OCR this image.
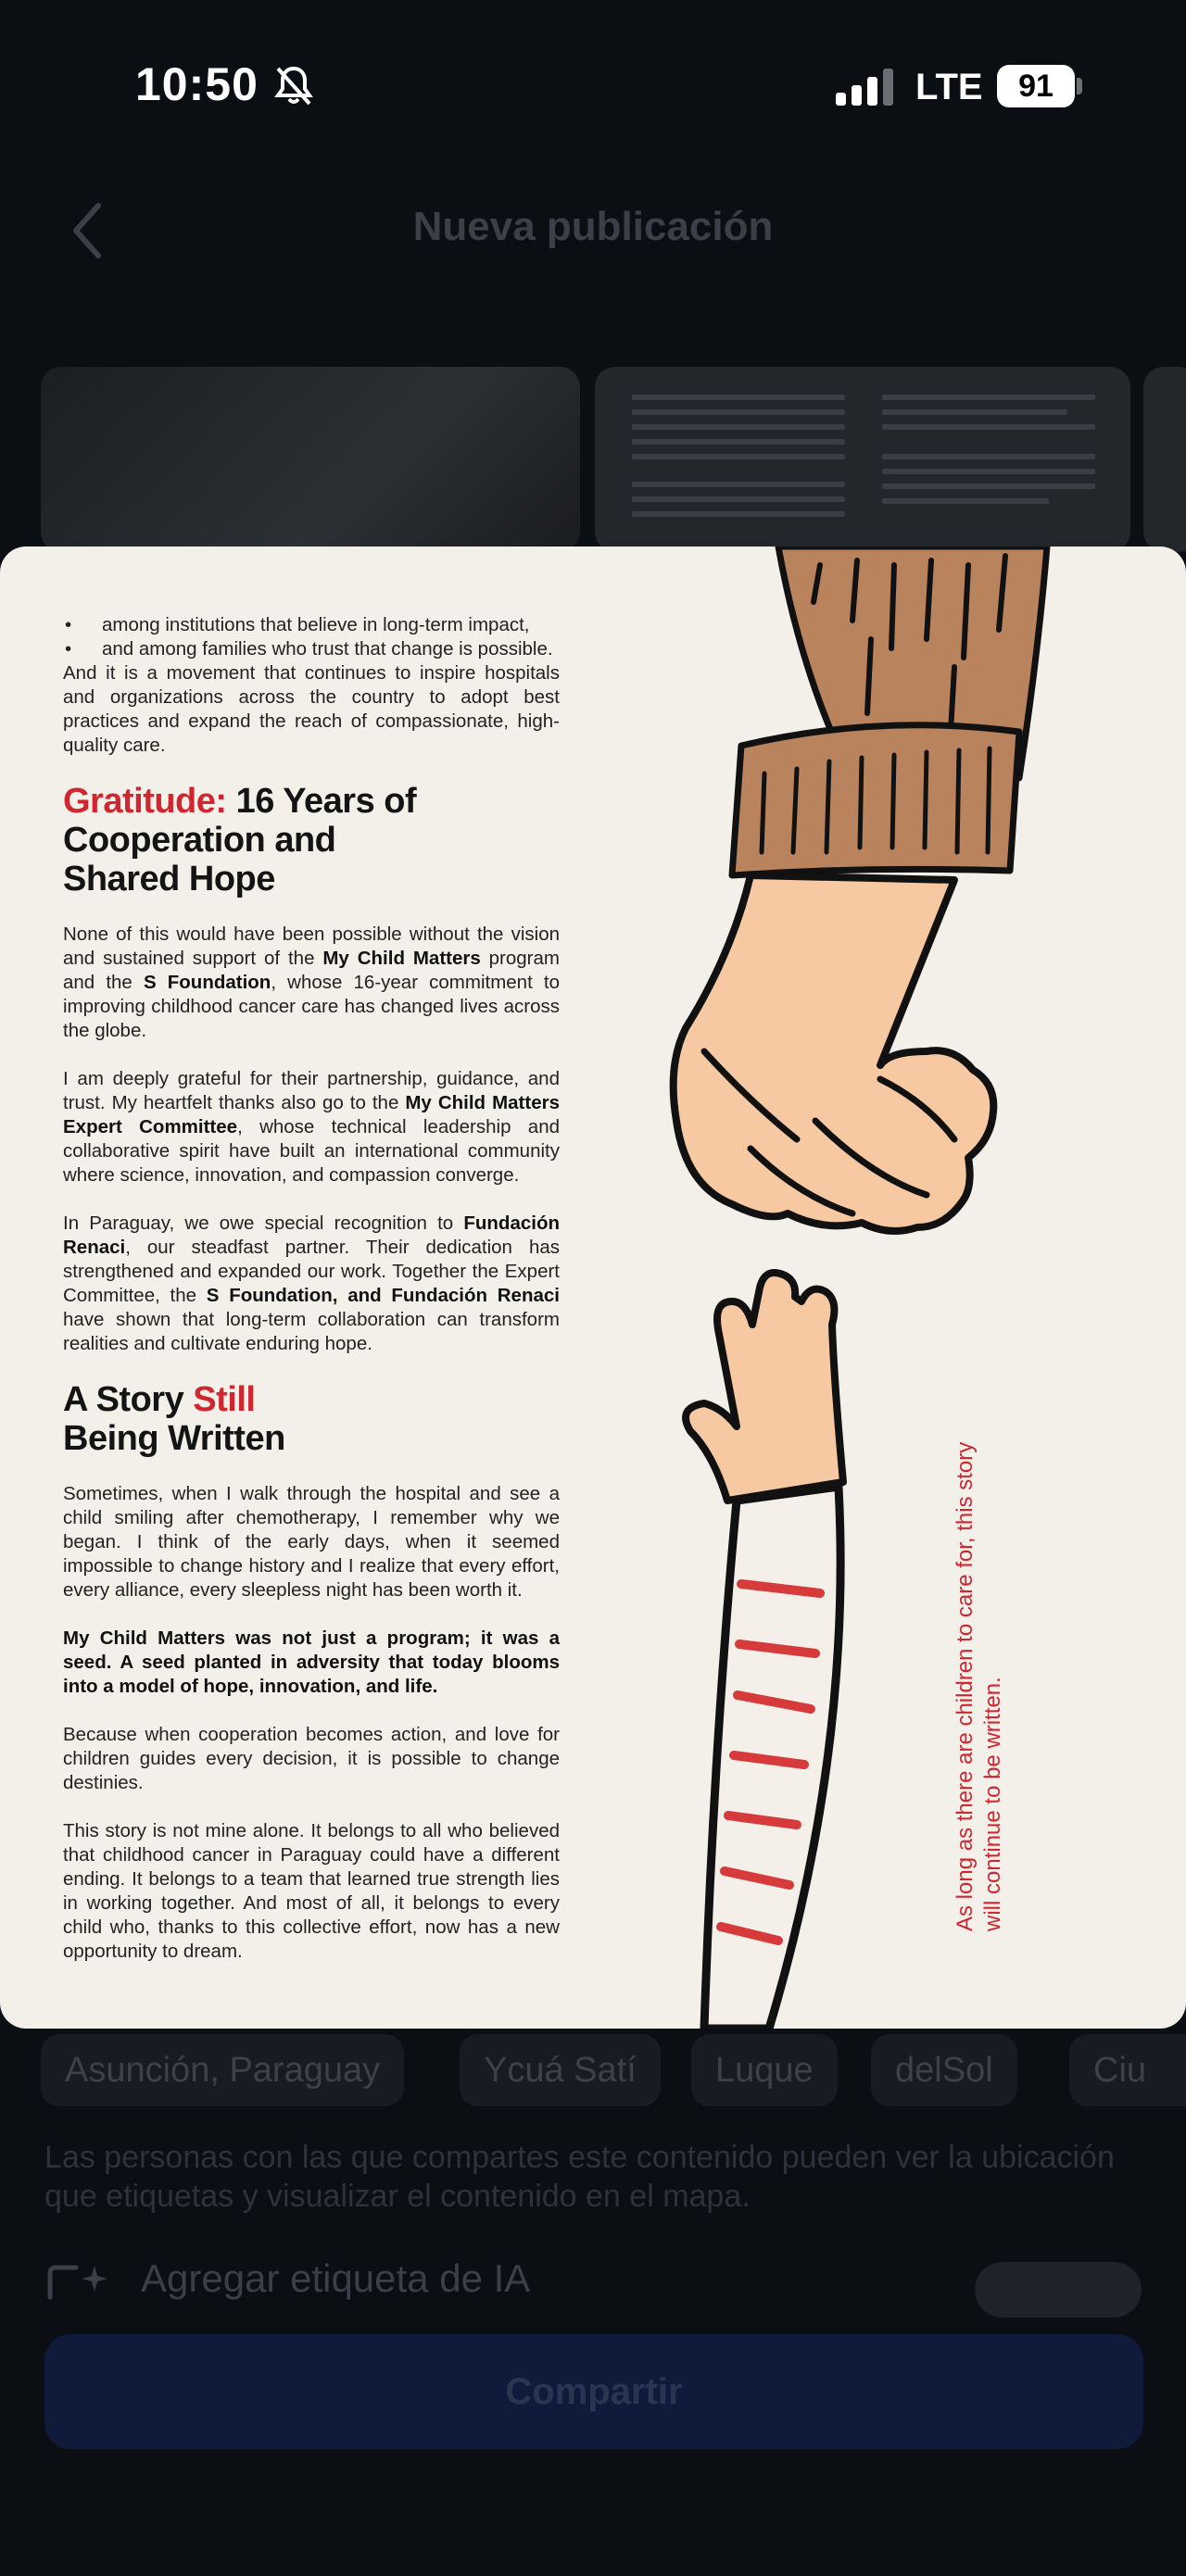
10:50	LTE	91
Nueva publicación
•	among institutions that believe in long-term impact,
•	and among families who trust that change is possible.

And it is a movement that continues to inspire hospitals and organizations across the country to adopt best practices and expand the reach of compassionate, high-quality care.

Gratitude: 16 Years of
Cooperation and
Shared Hope

None of this would have been possible without the vision and sustained support of the My Child Matters program and the S Foundation, whose 16-year commitment to improving childhood cancer care has changed lives across the globe.

I am deeply grateful for their partnership, guidance, and trust. My heartfelt thanks also go to the My Child Matters Expert Committee, whose technical leadership and collaborative spirit have built an international community where science, innovation, and compassion converge.

In Paraguay, we owe special recognition to Fundación Renaci, our steadfast partner. Their dedication has strengthened and expanded our work. Together the Expert Committee, the S Foundation, and Fundación Renaci have shown that long-term collaboration can transform realities and cultivate enduring hope.

A Story Still
Being Written

Sometimes, when I walk through the hospital and see a child smiling after chemotherapy, I remember why we began. I think of the early days, when it seemed impossible to change history and I realize that every effort, every alliance, every sleepless night has been worth it.

My Child Matters was not just a program; it was a seed. A seed planted in adversity that today blooms into a model of hope, innovation, and life.

Because when cooperation becomes action, and love for children guides every decision, it is possible to change destinies.

This story is not mine alone. It belongs to all who believed that childhood cancer in Paraguay could have a different ending. It belongs to a team that learned true strength lies in working together. And most of all, it belongs to every child who, thanks to this collective effort, now has a new opportunity to dream.

As long as there are children to care for, this story will continue to be written.
Asunción, Paraguay	Ycuá Satí	Luque	delSol	Ciu
Las personas con las que compartes este contenido pueden ver la ubicación que etiquetas y visualizar el contenido en el mapa.
Agregar etiqueta de IA
Compartir
